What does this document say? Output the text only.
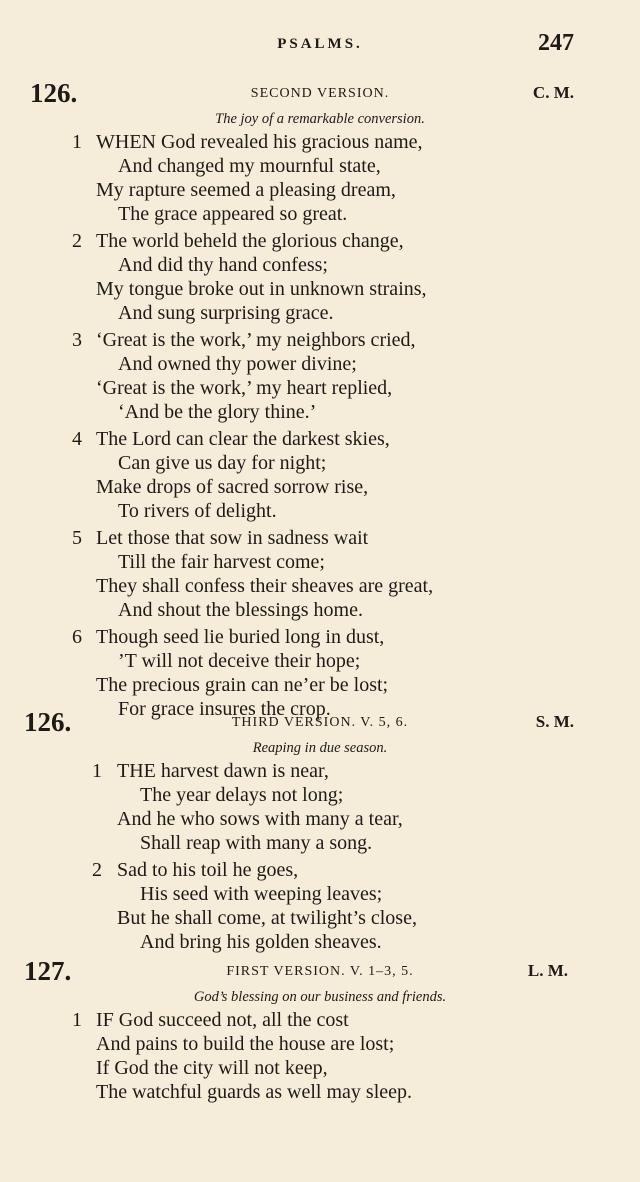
PSALMS.	247
126.	SECOND VERSION.	C. M.
The joy of a remarkable conversion.
1 WHEN God revealed his gracious name,
And changed my mournful state,
My rapture seemed a pleasing dream,
The grace appeared so great.
2 The world beheld the glorious change,
And did thy hand confess;
My tongue broke out in unknown strains,
And sung surprising grace.
3 ‘Great is the work,’ my neighbors cried,
And owned thy power divine;
‘Great is the work,’ my heart replied,
‘And be the glory thine.’
4 The Lord can clear the darkest skies,
Can give us day for night;
Make drops of sacred sorrow rise,
To rivers of delight.
5 Let those that sow in sadness wait
Till the fair harvest come;
They shall confess their sheaves are great,
And shout the blessings home.
6 Though seed lie buried long in dust,
’T will not deceive their hope;
The precious grain can ne’er be lost;
For grace insures the crop.
126.	THIRD VERSION. V. 5, 6.	S. M.
Reaping in due season.
1 THE harvest dawn is near,
The year delays not long;
And he who sows with many a tear,
Shall reap with many a song.
2 Sad to his toil he goes,
His seed with weeping leaves;
But he shall come, at twilight’s close,
And bring his golden sheaves.
127.	FIRST VERSION. V. 1–3, 5.	L. M.
God’s blessing on our business and friends.
1 IF God succeed not, all the cost
And pains to build the house are lost;
If God the city will not keep,
The watchful guards as well may sleep.
